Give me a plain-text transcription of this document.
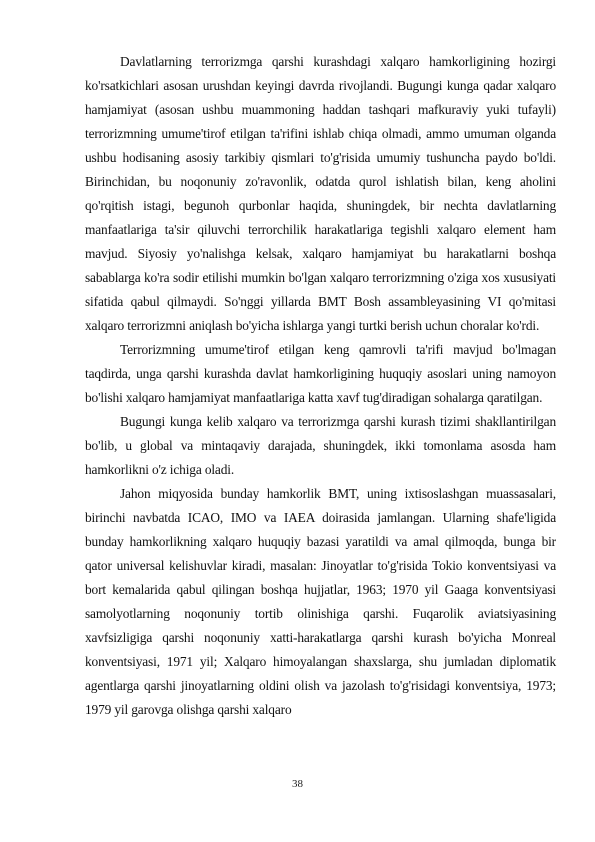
Davlatlarning terrorizmga qarshi kurashdagi xalqaro hamkorligining hozirgi ko'rsatkichlari asosan urushdan keyingi davrda rivojlandi. Bugungi kunga qadar xalqaro hamjamiyat (asosan ushbu muammoning haddan tashqari mafkuraviy yuki tufayli) terrorizmning umume'tirof etilgan ta'rifini ishlab chiqa olmadi, ammo umuman olganda ushbu hodisaning asosiy tarkibiy qismlari to'g'risida umumiy tushuncha paydo bo'ldi. Birinchidan, bu noqonuniy zo'ravonlik, odatda qurol ishlatish bilan, keng aholini qo'rqitish istagi, begunoh qurbonlar haqida, shuningdek, bir nechta davlatlarning manfaatlariga ta'sir qiluvchi terrorchilik harakatlariga tegishli xalqaro element ham mavjud. Siyosiy yo'nalishga kelsak, xalqaro hamjamiyat bu harakatlarni boshqa sabablarga ko'ra sodir etilishi mumkin bo'lgan xalqaro terrorizmning o'ziga xos xususiyati sifatida qabul qilmaydi. So'nggi yillarda BMT Bosh assambleyasining VI qo'mitasi xalqaro terrorizmni aniqlash bo'yicha ishlarga yangi turtki berish uchun choralar ko'rdi.

Terrorizmning umume'tirof etilgan keng qamrovli ta'rifi mavjud bo'lmagan taqdirda, unga qarshi kurashda davlat hamkorligining huquqiy asoslari uning namoyon bo'lishi xalqaro hamjamiyat manfaatlariga katta xavf tug'diradigan sohalarga qaratilgan.

Bugungi kunga kelib xalqaro va terrorizmga qarshi kurash tizimi shakllantirilgan bo'lib, u global va mintaqaviy darajada, shuningdek, ikki tomonlama asosda ham hamkorlikni o'z ichiga oladi.

Jahon miqyosida bunday hamkorlik BMT, uning ixtisoslashgan muassasalari, birinchi navbatda ICAO, IMO va IAEA doirasida jamlangan. Ularning shafe'ligida bunday hamkorlikning xalqaro huquqiy bazasi yaratildi va amal qilmoqda, bunga bir qator universal kelishuvlar kiradi, masalan: Jinoyatlar to'g'risida Tokio konventsiyasi va bort kemalarida qabul qilingan boshqa hujjatlar, 1963; 1970 yil Gaaga konventsiyasi samolyotlarning noqonuniy tortib olinishiga qarshi. Fuqarolik aviatsiyasining xavfsizligiga qarshi noqonuniy xatti-harakatlarga qarshi kurash bo'yicha Monreal konventsiyasi, 1971 yil; Xalqaro himoyalangan shaxslarga, shu jumladan diplomatik agentlarga qarshi jinoyatlarning oldini olish va jazolash to'g'risidagi konventsiya, 1973; 1979 yil garovga olishga qarshi xalqaro

38
